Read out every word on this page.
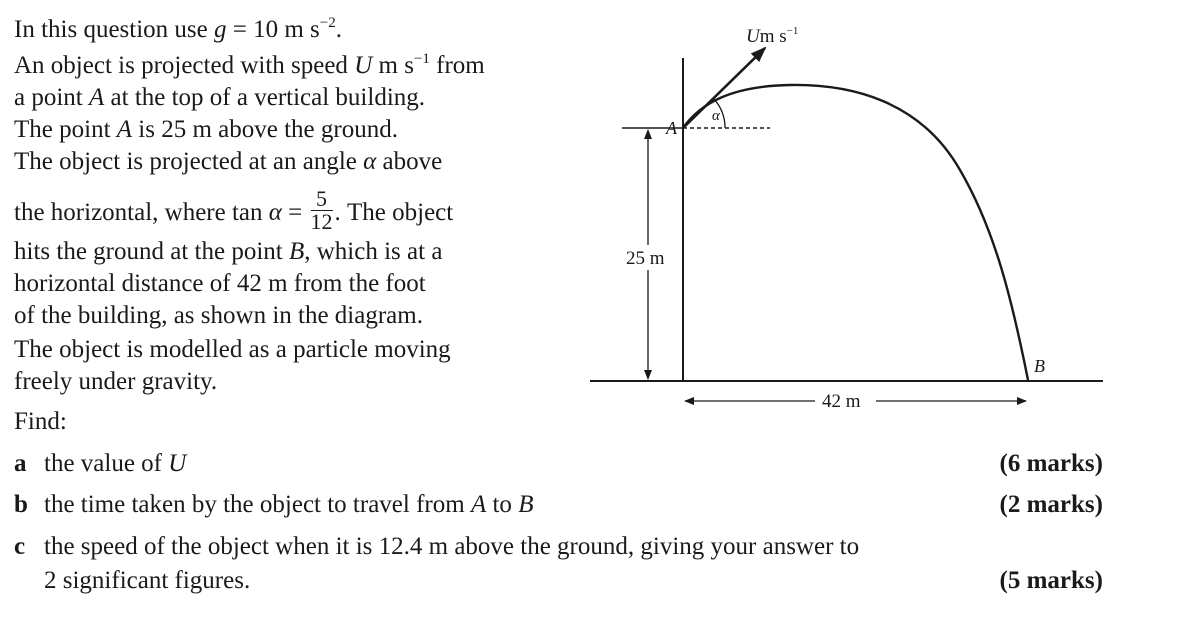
In this question use g = 10 m $s^{-2}$.
An object is projected with speed U m $s^{-1}$ from
a point A at the top of a vertical building.
The point A is 25 m above the ground.
The object is projected at an angle α above
the horizontal, where $\tan \alpha = \frac{5}{12}$ . The object
hits the ground at the point B, which is at a
horizontal distance of 42 m from the foot
of the building, as shown in the diagram.
The object is modelled as a particle moving
freely under gravity.
Find:
a the value of U	(6 marks)
b the time taken by the object to travel from A to B	(2 marks)
c the speed of the object when it is 12.4 m above the ground, giving your answer to
2 significant figures.	(5 marks)
α
Um $s^{-1}$
A
25 m
42 m
B
